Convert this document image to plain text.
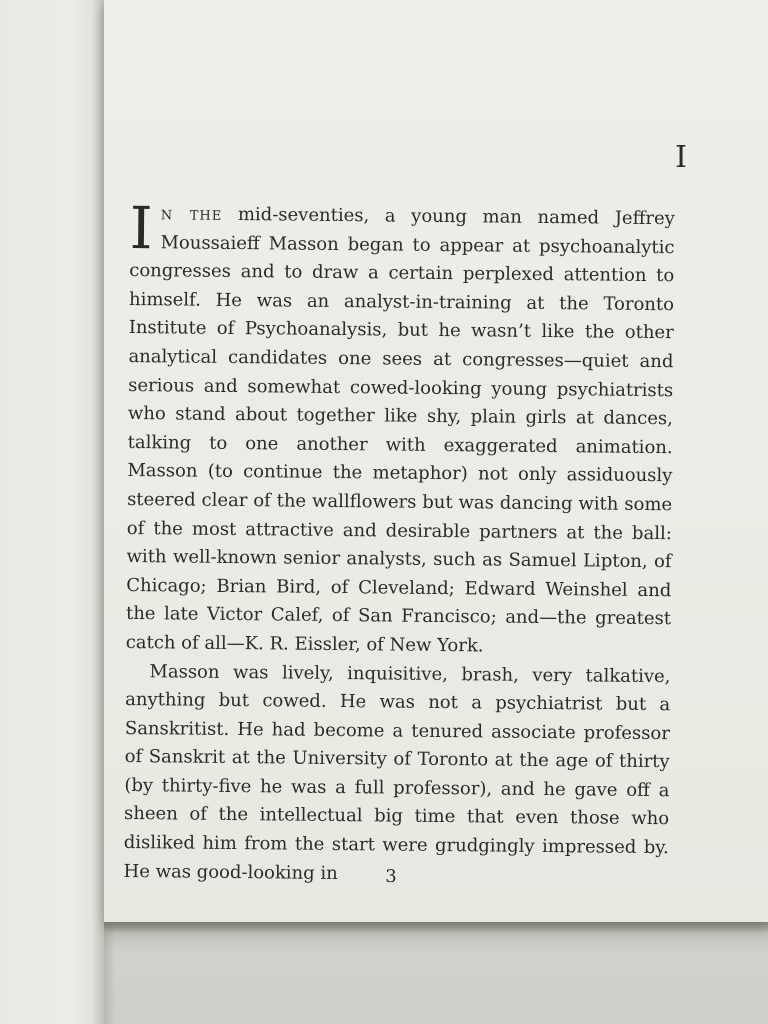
I

In the mid-seventies, a young man named Jeffrey Moussaieff Masson began to appear at psychoanalytic congresses and to draw a certain perplexed attention to himself. He was an analyst-in-training at the Toronto Institute of Psychoanalysis, but he wasn’t like the other analytical candidates one sees at congresses—quiet and serious and somewhat cowed-looking young psychiatrists who stand about together like shy, plain girls at dances, talking to one another with exaggerated animation. Masson (to continue the metaphor) not only assiduously steered clear of the wallflowers but was dancing with some of the most attractive and desirable partners at the ball: with well-known senior analysts, such as Samuel Lipton, of Chicago; Brian Bird, of Cleveland; Edward Weinshel and the late Victor Calef, of San Francisco; and—the greatest catch of all—K. R. Eissler, of New York.

Masson was lively, inquisitive, brash, very talkative, anything but cowed. He was not a psychiatrist but a Sanskritist. He had become a tenured associate professor of Sanskrit at the University of Toronto at the age of thirty (by thirty-five he was a full professor), and he gave off a sheen of the intellectual big time that even those who disliked him from the start were grudgingly impressed by. He was good-looking in	3
